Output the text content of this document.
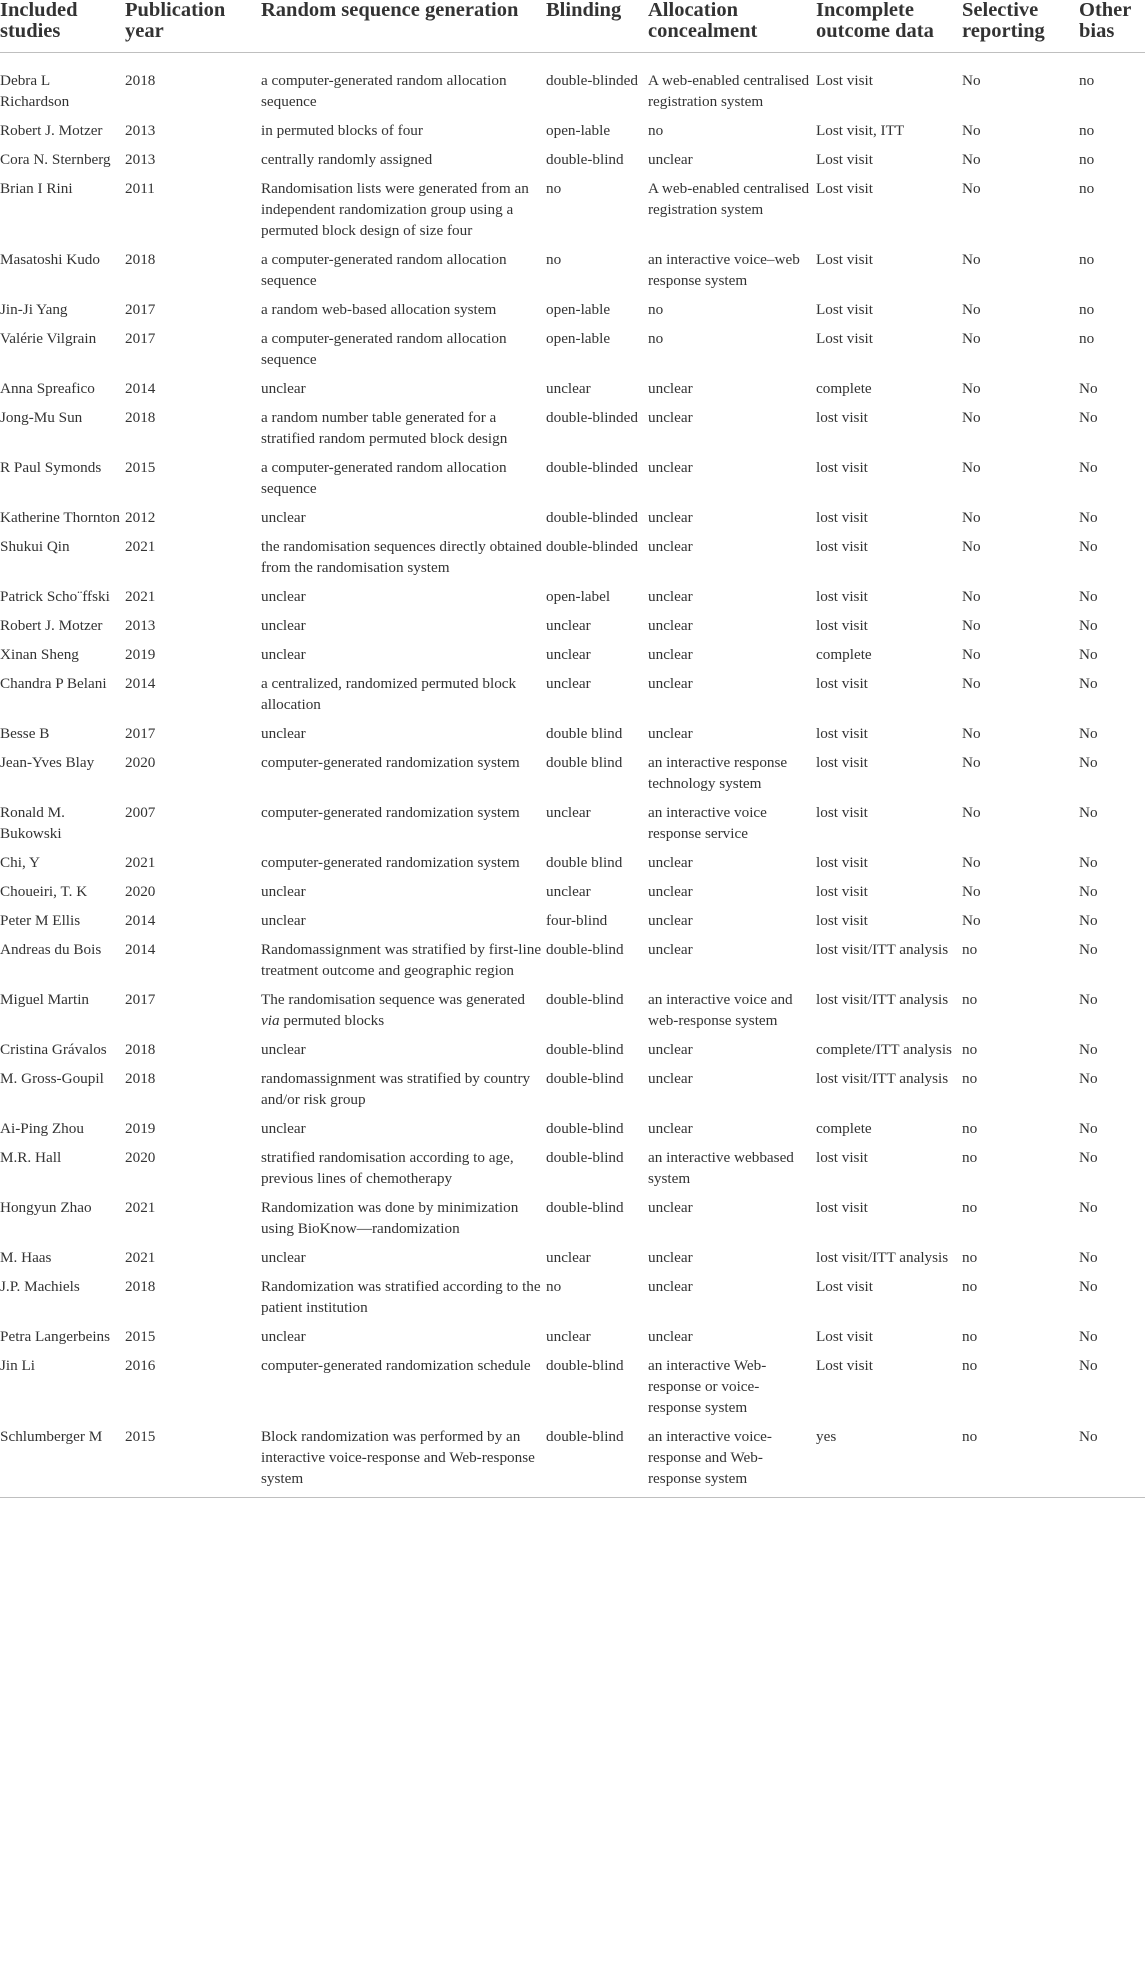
Included studies	Publication year	Random sequence generation	Blinding	Allocation concealment	Incomplete outcome data	Selective reporting	Other bias
Debra L Richardson	2018	a computer-generated random allocation sequence	double-blinded	A web-enabled centralised registration system	Lost visit	No	no
Robert J. Motzer	2013	in permuted blocks of four	open-lable	no	Lost visit, ITT	No	no
Cora N. Sternberg	2013	centrally randomly assigned	double-blind	unclear	Lost visit	No	no
Brian I Rini	2011	Randomisation lists were generated from an independent randomization group using a permuted block design of size four	no	A web-enabled centralised registration system	Lost visit	No	no
Masatoshi Kudo	2018	a computer-generated random allocation sequence	no	an interactive voice–web response system	Lost visit	No	no
Jin-Ji Yang	2017	a random web-based allocation system	open-lable	no	Lost visit	No	no
Valérie Vilgrain	2017	a computer-generated random allocation sequence	open-lable	no	Lost visit	No	no
Anna Spreafico	2014	unclear	unclear	unclear	complete	No	No
Jong-Mu Sun	2018	a random number table generated for a stratified random permuted block design	double-blinded	unclear	lost visit	No	No
R Paul Symonds	2015	a computer-generated random allocation sequence	double-blinded	unclear	lost visit	No	No
Katherine Thornton	2012	unclear	double-blinded	unclear	lost visit	No	No
Shukui Qin	2021	the randomisation sequences directly obtained from the randomisation system	double-blinded	unclear	lost visit	No	No
Patrick Scho¨ffski	2021	unclear	open-label	unclear	lost visit	No	No
Robert J. Motzer	2013	unclear	unclear	unclear	lost visit	No	No
Xinan Sheng	2019	unclear	unclear	unclear	complete	No	No
Chandra P Belani	2014	a centralized, randomized permuted block allocation	unclear	unclear	lost visit	No	No
Besse B	2017	unclear	double blind	unclear	lost visit	No	No
Jean-Yves Blay	2020	computer-generated randomization system	double blind	an interactive response technology system	lost visit	No	No
Ronald M. Bukowski	2007	computer-generated randomization system	unclear	an interactive voice response service	lost visit	No	No
Chi, Y	2021	computer-generated randomization system	double blind	unclear	lost visit	No	No
Choueiri, T. K	2020	unclear	unclear	unclear	lost visit	No	No
Peter M Ellis	2014	unclear	four-blind	unclear	lost visit	No	No
Andreas du Bois	2014	Randomassignment was stratified by first-line treatment outcome and geographic region	double-blind	unclear	lost visit/ITT analysis	no	No
Miguel Martin	2017	The randomisation sequence was generated via permuted blocks	double-blind	an interactive voice and web-response system	lost visit/ITT analysis	no	No
Cristina Grávalos	2018	unclear	double-blind	unclear	complete/ITT analysis	no	No
M. Gross-Goupil	2018	randomassignment was stratified by country and/or risk group	double-blind	unclear	lost visit/ITT analysis	no	No
Ai-Ping Zhou	2019	unclear	double-blind	unclear	complete	no	No
M.R. Hall	2020	stratified randomisation according to age, previous lines of chemotherapy	double-blind	an interactive webbased system	lost visit	no	No
Hongyun Zhao	2021	Randomization was done by minimization using BioKnow—randomization	double-blind	unclear	lost visit	no	No
M. Haas	2021	unclear	unclear	unclear	lost visit/ITT analysis	no	No
J.P. Machiels	2018	Randomization was stratified according to the patient institution	no	unclear	Lost visit	no	No
Petra Langerbeins	2015	unclear	unclear	unclear	Lost visit	no	No
Jin Li	2016	computer-generated randomization schedule	double-blind	an interactive Web-response or voice-response system	Lost visit	no	No
Schlumberger M	2015	Block randomization was performed by an interactive voice-response and Web-response system	double-blind	an interactive voice-response and Web-response system	yes	no	No
